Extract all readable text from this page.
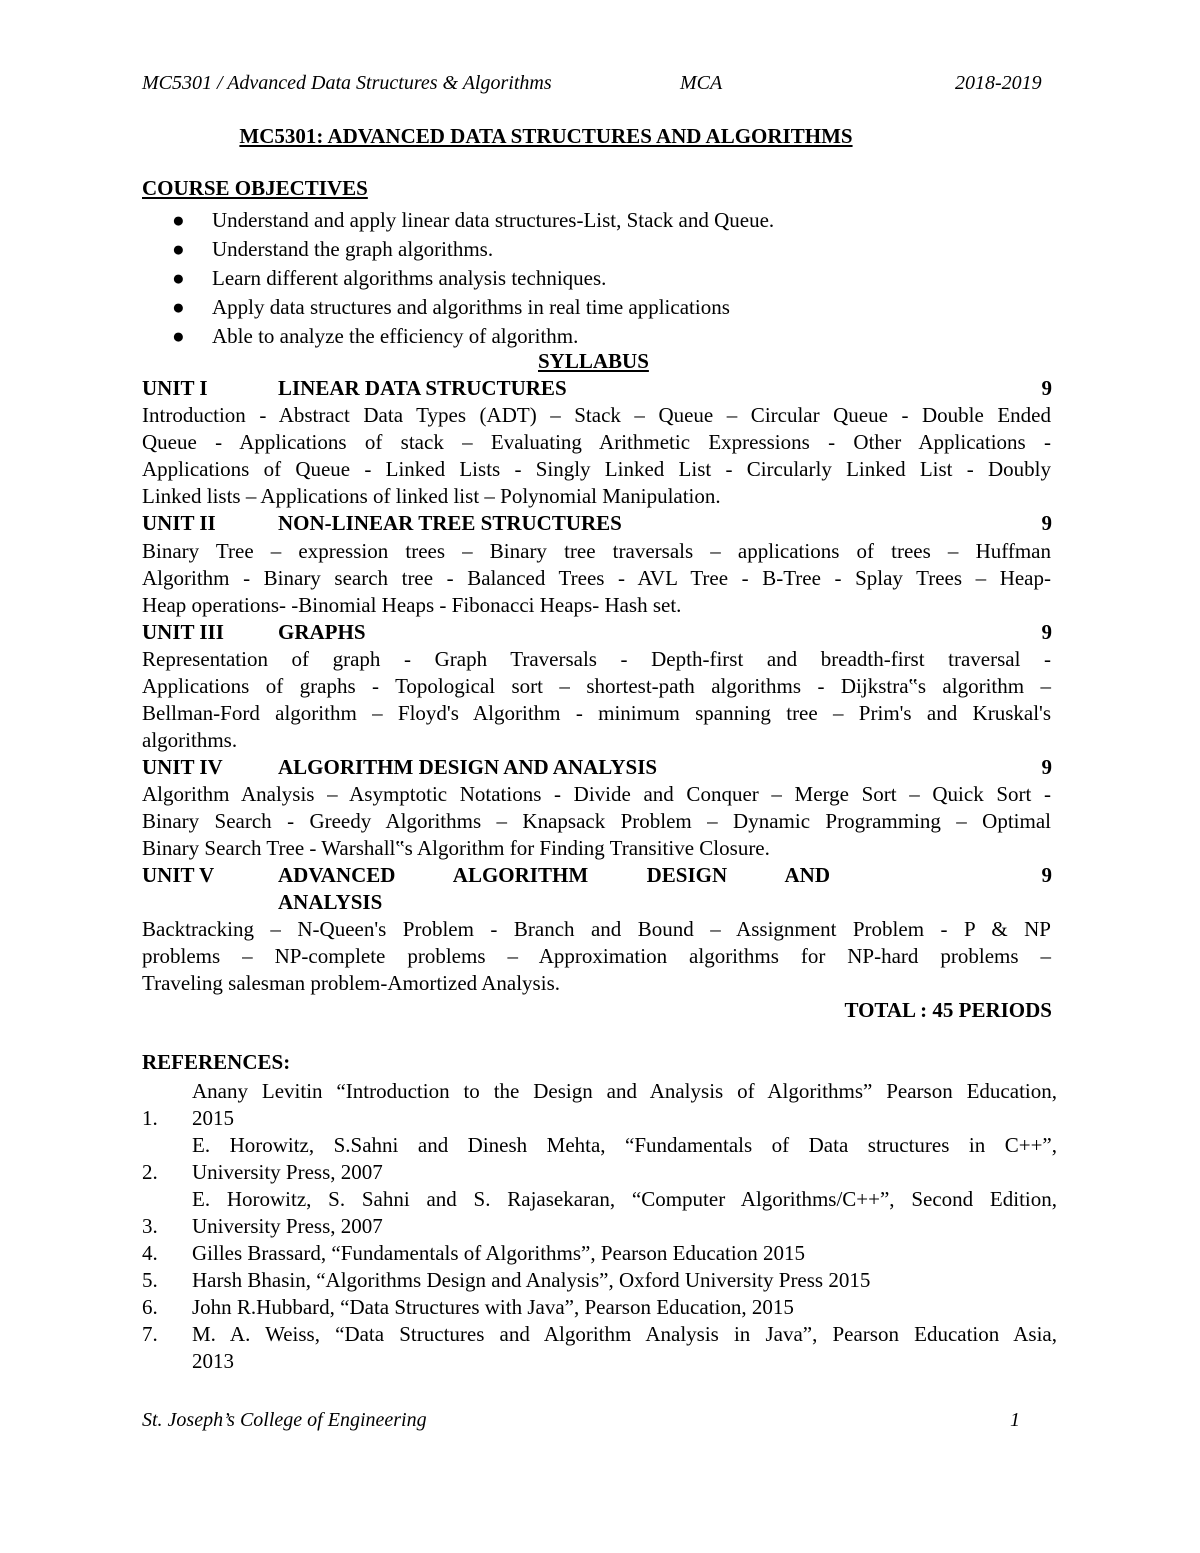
MC5301 / Advanced Data Structures & Algorithms	MCA	2018-2019
MC5301: ADVANCED DATA STRUCTURES AND ALGORITHMS
COURSE OBJECTIVES
● Understand and apply linear data structures-List, Stack and Queue.
● Understand the graph algorithms.
● Learn different algorithms analysis techniques.
● Apply data structures and algorithms in real time applications
● Able to analyze the efficiency of algorithm.
SYLLABUS
UNIT I	LINEAR DATA STRUCTURES	9
Introduction - Abstract Data Types (ADT) – Stack – Queue – Circular Queue - Double Ended
Queue - Applications of stack – Evaluating Arithmetic Expressions - Other Applications -
Applications of Queue - Linked Lists - Singly Linked List - Circularly Linked List - Doubly
Linked lists – Applications of linked list – Polynomial Manipulation.
UNIT II	NON-LINEAR TREE STRUCTURES	9
Binary Tree – expression trees – Binary tree traversals – applications of trees – Huffman
Algorithm - Binary search tree - Balanced Trees - AVL Tree - B-Tree - Splay Trees – Heap-
Heap operations- -Binomial Heaps - Fibonacci Heaps- Hash set.
UNIT III	GRAPHS	9
Representation of graph - Graph Traversals - Depth-first and breadth-first traversal -
Applications of graphs - Topological sort – shortest-path algorithms - Dijkstra‟s algorithm –
Bellman-Ford algorithm – Floyd's Algorithm - minimum spanning tree – Prim's and Kruskal's
algorithms.
UNIT IV	ALGORITHM DESIGN AND ANALYSIS	9
Algorithm Analysis – Asymptotic Notations - Divide and Conquer – Merge Sort – Quick Sort -
Binary Search - Greedy Algorithms – Knapsack Problem – Dynamic Programming – Optimal
Binary Search Tree - Warshall‟s Algorithm for Finding Transitive Closure.
UNIT V	ADVANCED ALGORITHM DESIGN AND	9
ANALYSIS
Backtracking – N-Queen's Problem - Branch and Bound – Assignment Problem - P & NP
problems – NP-complete problems – Approximation algorithms for NP-hard problems –
Traveling salesman problem-Amortized Analysis.
TOTAL : 45 PERIODS
REFERENCES:
Anany Levitin “Introduction to the Design and Analysis of Algorithms” Pearson Education,
1. 2015
E. Horowitz, S.Sahni and Dinesh Mehta, “Fundamentals of Data structures in C++”,
2. University Press, 2007
E. Horowitz, S. Sahni and S. Rajasekaran, “Computer Algorithms/C++”, Second Edition,
3. University Press, 2007
4. Gilles Brassard, “Fundamentals of Algorithms”, Pearson Education 2015
5. Harsh Bhasin, “Algorithms Design and Analysis”, Oxford University Press 2015
6. John R.Hubbard, “Data Structures with Java”, Pearson Education, 2015
7. M. A. Weiss, “Data Structures and Algorithm Analysis in Java”, Pearson Education Asia,
2013
St. Joseph’s College of Engineering	1
